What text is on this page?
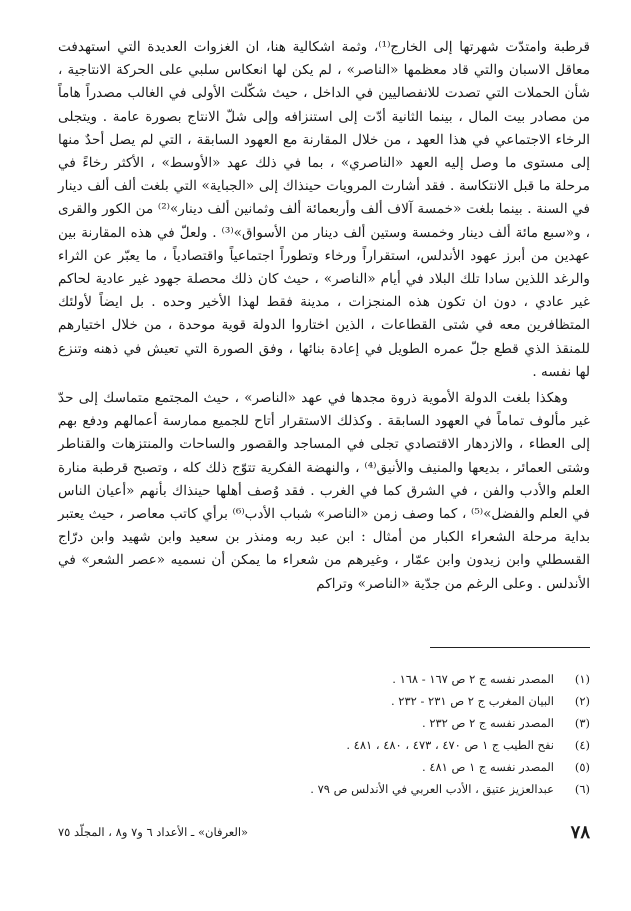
قرطبة وامتدّت شهرتها إلى الخارج⁽¹⁾، وثمة اشكالية هنا، ان الغزوات العديدة التي استهدفت معاقل الاسبان والتي قاد معظمها «الناصر» ، لم يكن لها انعكاس سلبي على الحركة الانتاجية ، شأن الحملات التي تصدت للانفصاليين في الداخل ، حيث شكّلت الأولى في الغالب مصدراً هاماً من مصادر بيت المال ، بينما الثانية أدّت إلى استنزافه وإلى شلّ الانتاج بصورة عامة . ويتجلى الرخاء الاجتماعي في هذا العهد ، من خلال المقارنة مع العهود السابقة ، التي لم يصل أحدٌ منها إلى مستوى ما وصل إليه العهد «الناصري» ، بما في ذلك عهد «الأوسط» ، الأكثر رخاءً في مرحلة ما قبل الانتكاسة . فقد أشارت المرويات حينذاك إلى «الجباية» التي بلغت ألف ألف دينار في السنة . بينما بلغت «خمسة آلاف ألف وأربعمائة ألف وثمانين ألف دينار»⁽²⁾ من الكور والقرى ، و«سبع مائة ألف دينار وخمسة وستين ألف دينار من الأسواق»⁽³⁾ . ولعلّ في هذه المقارنة بين عهدين من أبرز عهود الأندلس، استقراراً ورخاء وتطوراً اجتماعياً واقتصادياً ، ما يعبّر عن الثراء والرغد اللذين سادا تلك البلاد في أيام «الناصر» ، حيث كان ذلك محصلة جهود غير عادية لحاكم غير عادي ، دون ان تكون هذه المنجزات ، مدينة فقط لهذا الأخير وحده . بل ايضاً لأولئك المتظافرين معه في شتى القطاعات ، الذين اختاروا الدولة قوية موحدة ، من خلال اختيارهم للمنقذ الذي قطع جلّ عمره الطويل في إعادة بنائها ، وفق الصورة التي تعيش في ذهنه وتنزع لها نفسه .

وهكذا بلغت الدولة الأموية ذروة مجدها في عهد «الناصر» ، حيث المجتمع متماسك إلى حدّ غير مألوف تماماً في العهود السابقة . وكذلك الاستقرار أتاح للجميع ممارسة أعمالهم ودفع بهم إلى العطاء ، والازدهار الاقتصادي تجلى في المساجد والقصور والساحات والمنتزهات والقناطر وشتى العمائر ، بديعها والمنيف والأنيق⁽⁴⁾ ، والنهضة الفكرية تتوّج ذلك كله ، وتصبح قرطبة منارة العلم والأدب والفن ، في الشرق كما في الغرب . فقد وُصف أهلها حينذاك بأنهم «أعيان الناس في العلم والفضل»⁽⁵⁾ ، كما وصف زمن «الناصر» شباب الأدب⁽⁶⁾ برأي كاتب معاصر ، حيث يعتبر بداية مرحلة الشعراء الكبار من أمثال : ابن عبد ربه ومنذر بن سعيد وابن شهيد وابن درّاج القسطلي وابن زيدون وابن عمّار ، وغيرهم من شعراء ما يمكن أن نسميه «عصر الشعر» في الأندلس . وعلى الرغم من جدّية «الناصر» وتراكم

(١)
المصدر نفسه ج ٢ ص ١٦٧ - ١٦٨ .
(٢)
البيان المغرب ج ٢ ص ٢٣١ - ٢٣٢ .
(٣)
المصدر نفسه ج ٢ ص ٢٣٢ .
(٤)
نفح الطيب ج ١ ص ٤٧٠ ، ٤٧٣ ، ٤٨٠ ، ٤٨١ .
(٥)
المصدر نفسه ج ١ ص ٤٨١ .
(٦)
عبدالعزيز عتيق ، الأدب العربي في الأندلس ص ٧٩ .
٧٨
«العرفان» ـ الأعداد ٦ و٧ و٨ ، المجلّد ٧٥
